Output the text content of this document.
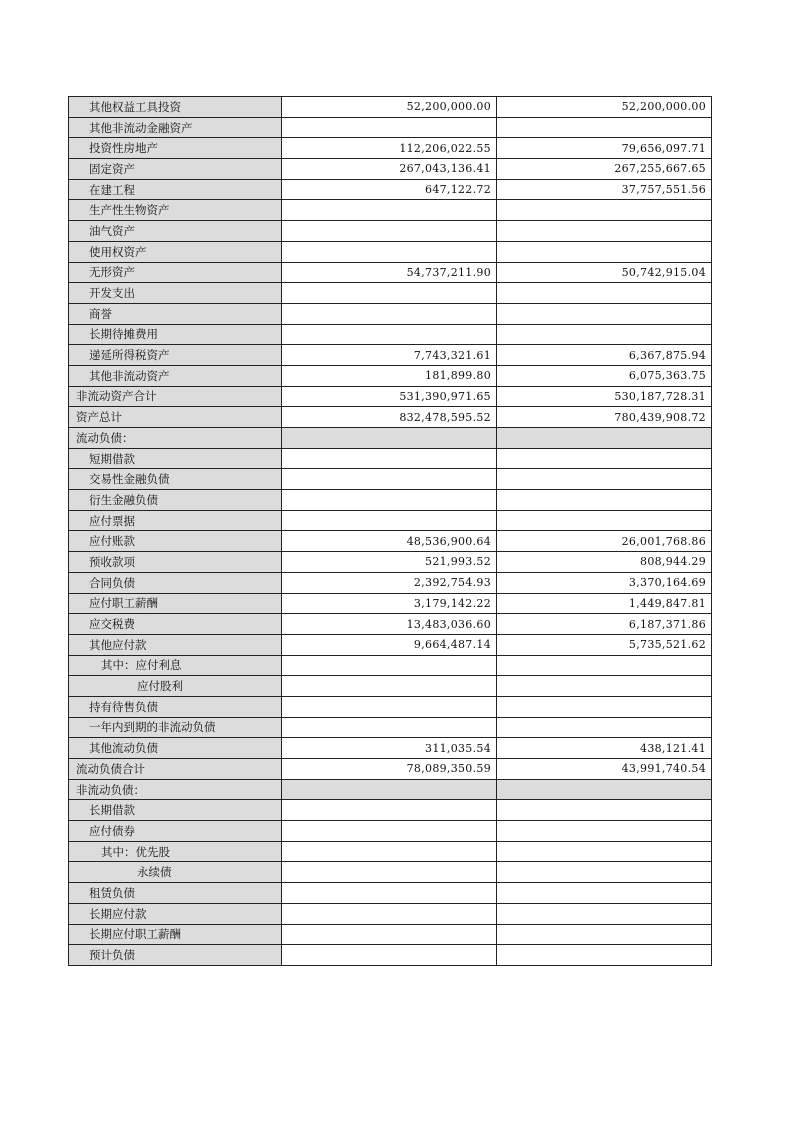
其他权益工具投资	52,200,000.00	52,200,000.00
其他非流动金融资产		
投资性房地产	112,206,022.55	79,656,097.71
固定资产	267,043,136.41	267,255,667.65
在建工程	647,122.72	37,757,551.56
生产性生物资产		
油气资产		
使用权资产		
无形资产	54,737,211.90	50,742,915.04
开发支出		
商誉		
长期待摊费用		
递延所得税资产	7,743,321.61	6,367,875.94
其他非流动资产	181,899.80	6,075,363.75
非流动资产合计	531,390,971.65	530,187,728.31
资产总计	832,478,595.52	780,439,908.72
流动负债：		
短期借款		
交易性金融负债		
衍生金融负债		
应付票据		
应付账款	48,536,900.64	26,001,768.86
预收款项	521,993.52	808,944.29
合同负债	2,392,754.93	3,370,164.69
应付职工薪酬	3,179,142.22	1,449,847.81
应交税费	13,483,036.60	6,187,371.86
其他应付款	9,664,487.14	5,735,521.62
其中：应付利息		
应付股利		
持有待售负债		
一年内到期的非流动负债		
其他流动负债	311,035.54	438,121.41
流动负债合计	78,089,350.59	43,991,740.54
非流动负债：		
长期借款		
应付债券		
其中：优先股		
永续债		
租赁负债		
长期应付款		
长期应付职工薪酬		
预计负债		
